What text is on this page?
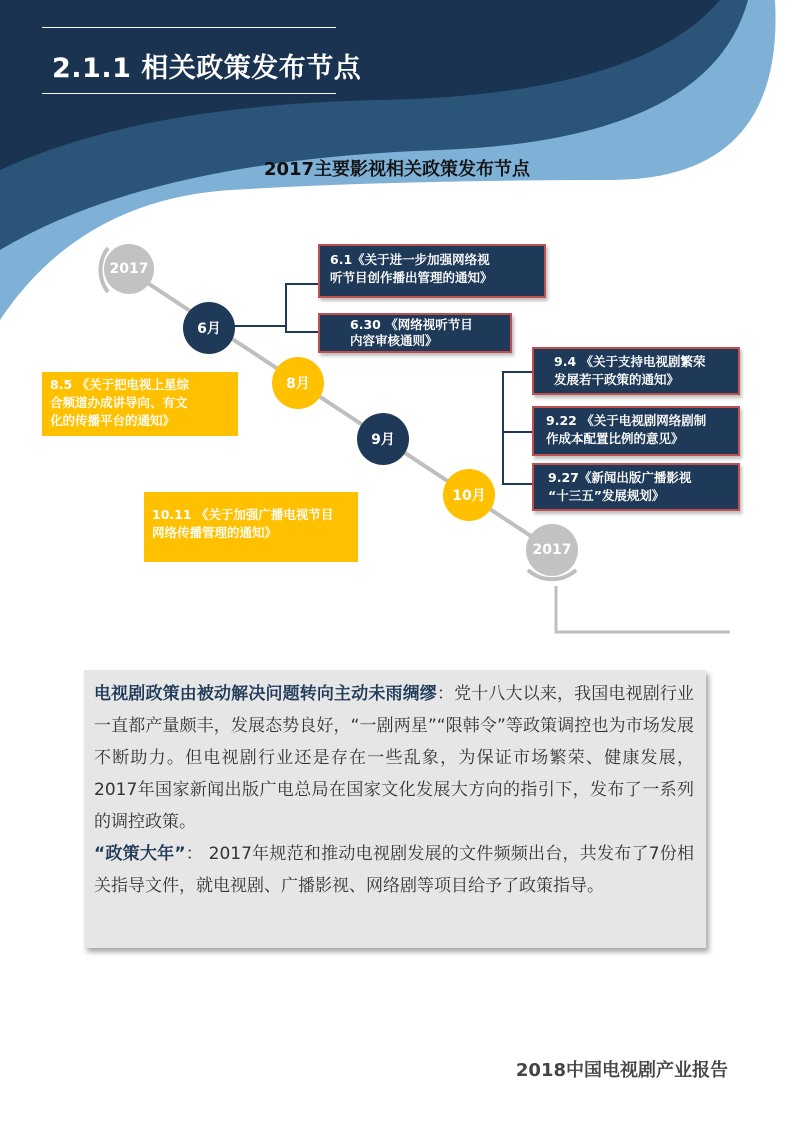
2.1.1 相关政策发布节点
2017主要影视相关政策发布节点
2017
6月
8月
9月
10月
2017
6.1《关于进一步加强网络视
听节目创作播出管理的通知》
6.30 《网络视听节目
内容审核通则》
8.5 《关于把电视上星综
合频道办成讲导向、有文
化的传播平台的通知》
9.4 《关于支持电视剧繁荣
发展若干政策的通知》
9.22 《关于电视剧网络剧制
作成本配置比例的意见》
9.27《新闻出版广播影视
“十三五”发展规划》
10.11 《关于加强广播电视节目
网络传播管理的通知》

电视剧政策由被动解决问题转向主动未雨绸缪：党十八大以来，我国电视剧行业一直都产量颇丰，发展态势良好，“一剧两星”“限韩令”等政策调控也为市场发展不断助力。但电视剧行业还是存在一些乱象，为保证市场繁荣、健康发展，2017年国家新闻出版广电总局在国家文化发展大方向的指引下，发布了一系列的调控政策。

“政策大年”： 2017年规范和推动电视剧发展的文件频频出台，共发布了7份相关指导文件，就电视剧、广播影视、网络剧等项目给予了政策指导。

2018中国电视剧产业报告
